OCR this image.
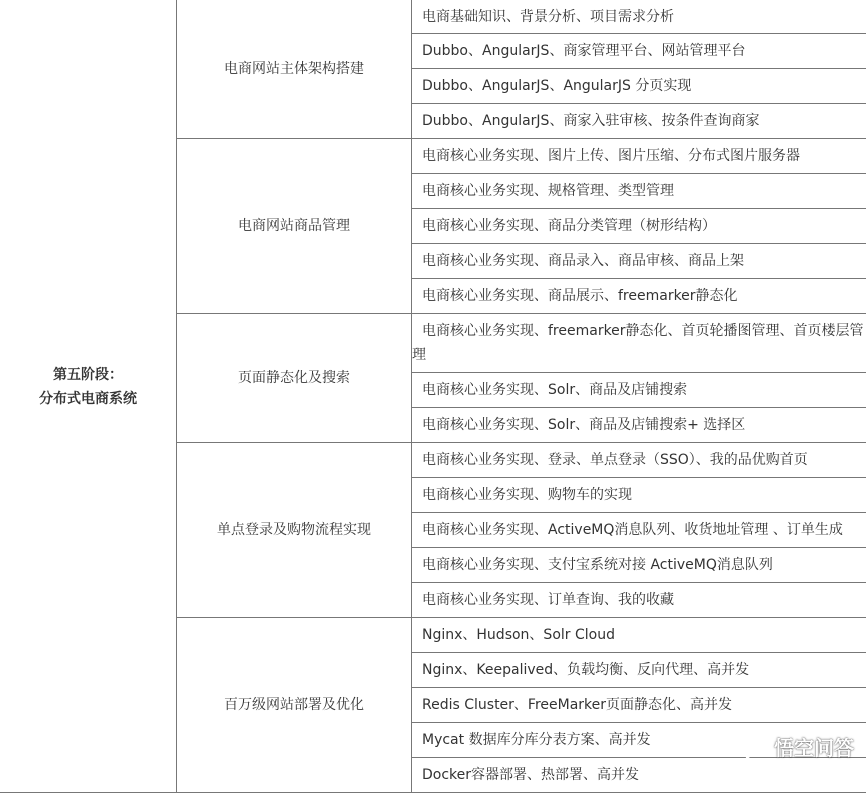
第五阶段：
分布式电商系统	电商网站主体架构搭建	电商基础知识、背景分析、项目需求分析
		Dubbo、AngularJS、商家管理平台、网站管理平台
		Dubbo、AngularJS、AngularJS 分页实现
		Dubbo、AngularJS、商家入驻审核、按条件查询商家
	电商网站商品管理	电商核心业务实现、图片上传、图片压缩、分布式图片服务器
		电商核心业务实现、规格管理、类型管理
		电商核心业务实现、商品分类管理（树形结构）
		电商核心业务实现、商品录入、商品审核、商品上架
		电商核心业务实现、商品展示、freemarker静态化
	页面静态化及搜索	电商核心业务实现、freemarker静态化、首页轮播图管理、首页楼层管理
		电商核心业务实现、Solr、商品及店铺搜索
		电商核心业务实现、Solr、商品及店铺搜索+ 选择区
	单点登录及购物流程实现	电商核心业务实现、登录、单点登录（SSO）、我的品优购首页
		电商核心业务实现、购物车的实现
		电商核心业务实现、ActiveMQ消息队列、收货地址管理 、订单生成
		电商核心业务实现、支付宝系统对接 ActiveMQ消息队列
		电商核心业务实现、订单查询、我的收藏
	百万级网站部署及优化	Nginx、Hudson、Solr Cloud
		Nginx、Keepalived、负载均衡、反向代理、高并发
		Redis Cluster、FreeMarker页面静态化、高并发
		Mycat 数据库分库分表方案、高并发
		Docker容器部署、热部署、高并发
悟空问答
